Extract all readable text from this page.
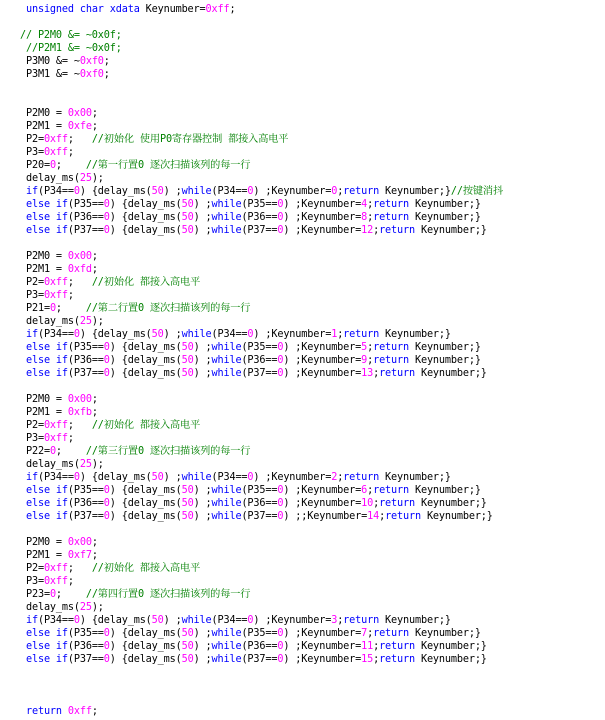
unsigned char xdata Keynumber=0xff;
// P2M0 &= ~0x0f;
//P2M1 &= ~0x0f;
P3M0 &= ~0xf0;
P3M1 &= ~0xf0;
P2M0 = 0x00;
P2M1 = 0xfe;
P2=0xff;   //初始化 使用P0寄存器控制 都接入高电平
P3=0xff;
P20=0;    //第一行置0 逐次扫描该列的每一行
delay_ms(25);
if(P34==0) {delay_ms(50) ;while(P34==0) ;Keynumber=0;return Keynumber;}//按键消抖
else if(P35==0) {delay_ms(50) ;while(P35==0) ;Keynumber=4;return Keynumber;}
else if(P36==0) {delay_ms(50) ;while(P36==0) ;Keynumber=8;return Keynumber;}
else if(P37==0) {delay_ms(50) ;while(P37==0) ;Keynumber=12;return Keynumber;}
P2M0 = 0x00;
P2M1 = 0xfd;
P2=0xff;   //初始化 都接入高电平
P3=0xff;
P21=0;    //第二行置0 逐次扫描该列的每一行
delay_ms(25);
if(P34==0) {delay_ms(50) ;while(P34==0) ;Keynumber=1;return Keynumber;}
else if(P35==0) {delay_ms(50) ;while(P35==0) ;Keynumber=5;return Keynumber;}
else if(P36==0) {delay_ms(50) ;while(P36==0) ;Keynumber=9;return Keynumber;}
else if(P37==0) {delay_ms(50) ;while(P37==0) ;Keynumber=13;return Keynumber;}
P2M0 = 0x00;
P2M1 = 0xfb;
P2=0xff;   //初始化 都接入高电平
P3=0xff;
P22=0;    //第三行置0 逐次扫描该列的每一行
delay_ms(25);
if(P34==0) {delay_ms(50) ;while(P34==0) ;Keynumber=2;return Keynumber;}
else if(P35==0) {delay_ms(50) ;while(P35==0) ;Keynumber=6;return Keynumber;}
else if(P36==0) {delay_ms(50) ;while(P36==0) ;Keynumber=10;return Keynumber;}
else if(P37==0) {delay_ms(50) ;while(P37==0) ;;Keynumber=14;return Keynumber;}
P2M0 = 0x00;
P2M1 = 0xf7;
P2=0xff;   //初始化 都接入高电平
P3=0xff;
P23=0;    //第四行置0 逐次扫描该列的每一行
delay_ms(25);
if(P34==0) {delay_ms(50) ;while(P34==0) ;Keynumber=3;return Keynumber;}
else if(P35==0) {delay_ms(50) ;while(P35==0) ;Keynumber=7;return Keynumber;}
else if(P36==0) {delay_ms(50) ;while(P36==0) ;Keynumber=11;return Keynumber;}
else if(P37==0) {delay_ms(50) ;while(P37==0) ;Keynumber=15;return Keynumber;}
return 0xff;
